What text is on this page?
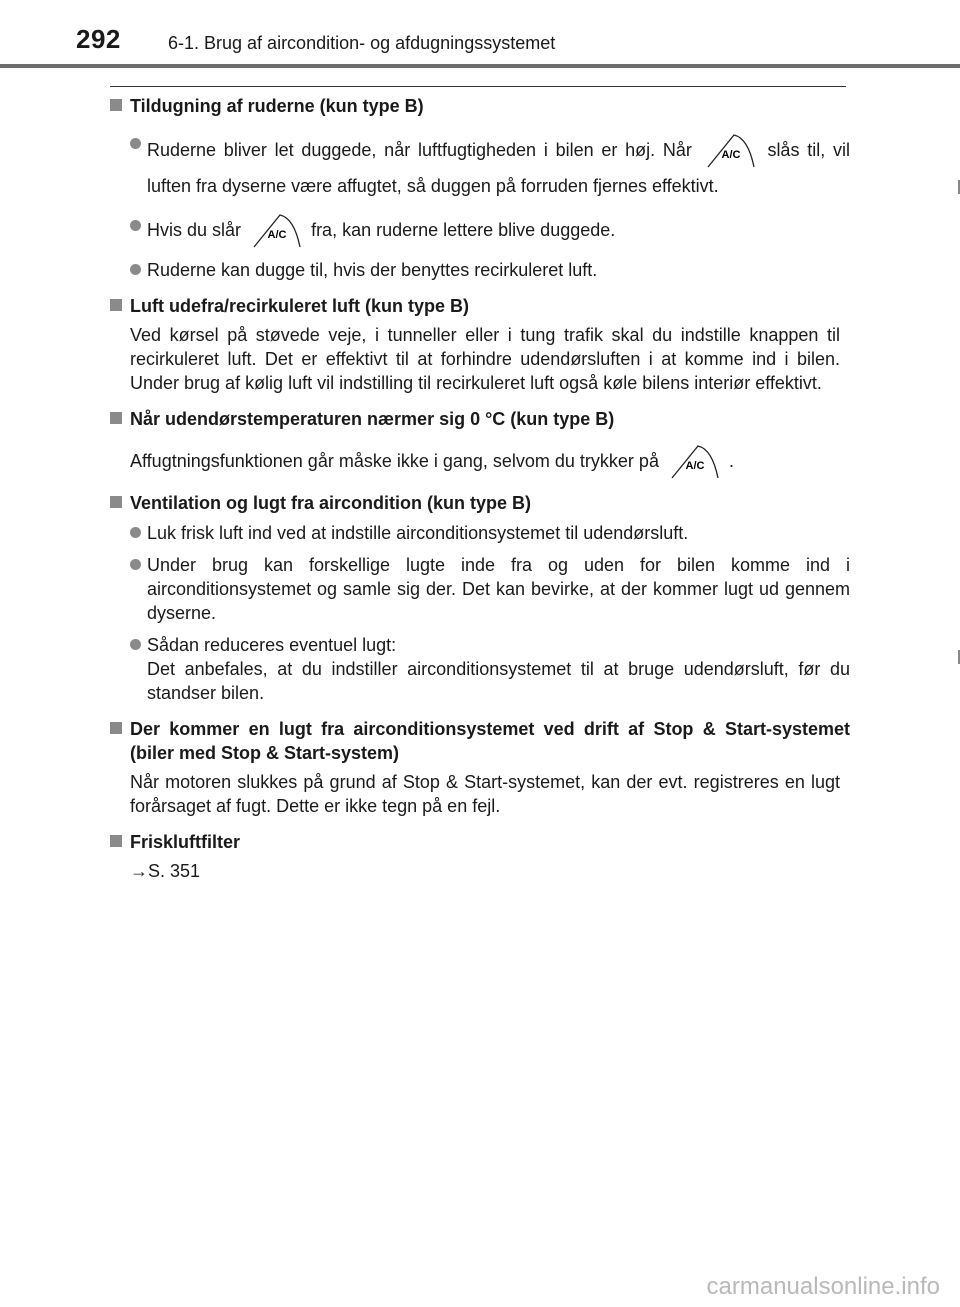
292	6-1. Brug af aircondition- og afdugningssystemet
Tildugning af ruderne (kun type B)
Ruderne bliver let duggede, når luftfugtigheden i bilen er høj. Når	A/C slås til, vil luften fra dyserne være affugtet, så duggen på forruden fjernes effektivt.
Hvis du slår A/C fra, kan ruderne lettere blive duggede.
Ruderne kan dugge til, hvis der benyttes recirkuleret luft.
Luft udefra/recirkuleret luft (kun type B)
Ved kørsel på støvede veje, i tunneller eller i tung trafik skal du indstille knappen til recirkuleret luft. Det er effektivt til at forhindre udendørsluften i at komme ind i bilen. Under brug af kølig luft vil indstilling til recirkuleret luft også køle bilens interiør effektivt.
Når udendørstemperaturen nærmer sig 0 °C (kun type B)
Affugtningsfunktionen går måske ikke i gang, selvom du trykker på A/C .
Ventilation og lugt fra aircondition (kun type B)
Luk frisk luft ind ved at indstille airconditionsystemet til udendørsluft.
Under brug kan forskellige lugte inde fra og uden for bilen komme ind i airconditionsystemet og samle sig der. Det kan bevirke, at der kommer lugt ud gennem dyserne.
Sådan reduceres eventuel lugt:
Det anbefales, at du indstiller airconditionsystemet til at bruge udendørsluft, før du standser bilen.
Der kommer en lugt fra airconditionsystemet ved drift af Stop & Start-systemet (biler med Stop & Start-system)
Når motoren slukkes på grund af Stop & Start-systemet, kan der evt. registreres en lugt forårsaget af fugt. Dette er ikke tegn på en fejl.
Friskluftfilter
→S. 351
carmanualsonline.info
